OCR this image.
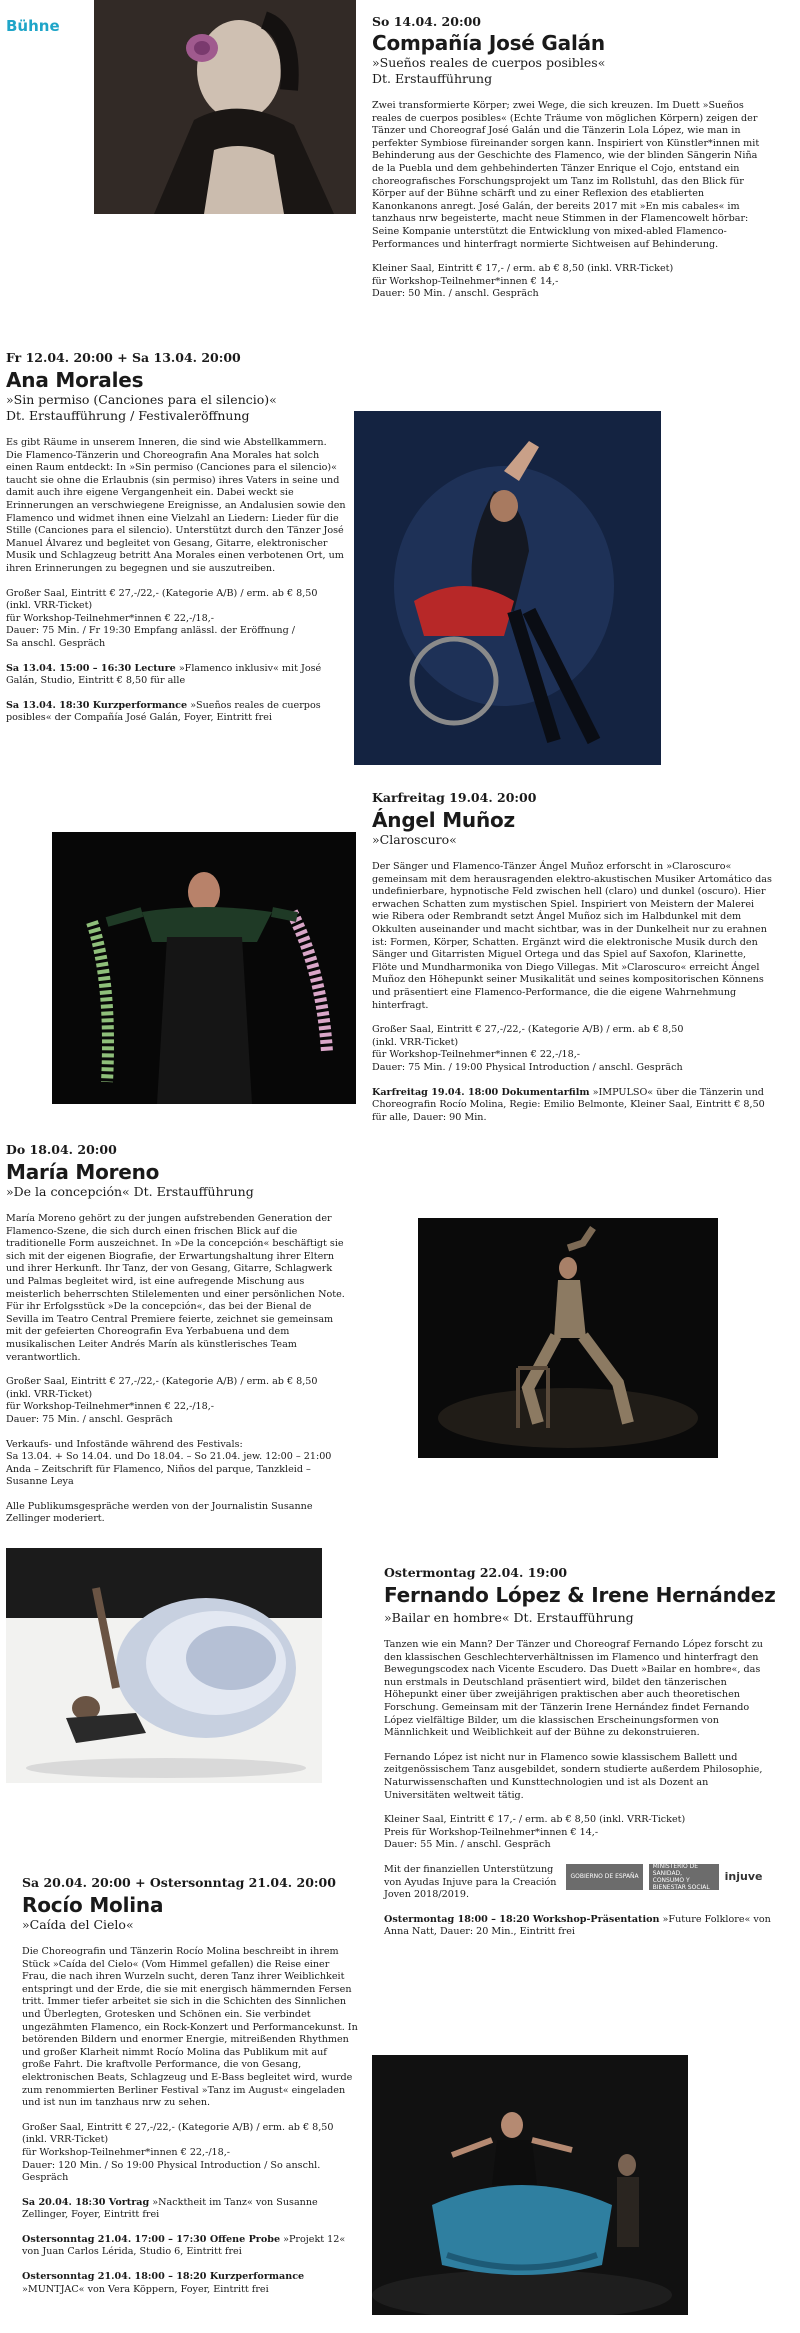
Bühne	So 14.04. 20:00
Compañía José Galán
»Sueños reales de cuerpos posibles«
Dt. Erstaufführung
Zwei transformierte Körper; zwei Wege, die sich kreuzen. Im Duett »Sueños reales de cuerpos posibles« (Echte Träume von möglichen Körpern) zeigen der Tänzer und Choreograf José Galán und die Tänzerin Lola López, wie man in perfekter Symbiose füreinander sorgen kann. Inspiriert von Künstler*innen mit Behinderung aus der Geschichte des Flamenco, wie der blinden Sängerin Niña de la Puebla und dem gehbehinderten Tänzer Enrique el Cojo, entstand ein choreografisches Forschungsprojekt um Tanz im Rollstuhl, das den Blick für Körper auf der Bühne schärft und zu einer Reflexion des etablierten Kanonkanons anregt. José Galán, der bereits 2017 mit »En mis cabales« im tanzhaus nrw begeisterte, macht neue Stimmen in der Flamencowelt hörbar: Seine Kompanie unterstützt die Entwicklung von mixed-abled Flamenco-Performances und hinterfragt normierte Sichtweisen auf Behinderung.
Kleiner Saal, Eintritt € 17,- / erm. ab € 8,50 (inkl. VRR-Ticket)
für Workshop-Teilnehmer*innen € 14,-
Dauer: 50 Min. / anschl. Gespräch
Fr 12.04. 20:00 + Sa 13.04. 20:00
Ana Morales
»Sin permiso (Canciones para el silencio)«
Dt. Erstaufführung / Festivaleröffnung
Es gibt Räume in unserem Inneren, die sind wie Abstellkammern. Die Flamenco-Tänzerin und Choreografin Ana Morales hat solch einen Raum entdeckt: In »Sin permiso (Canciones para el silencio)« taucht sie ohne die Erlaubnis (sin permiso) ihres Vaters in seine und damit auch ihre eigene Vergangenheit ein. Dabei weckt sie Erinnerungen an verschwiegene Ereignisse, an Andalusien sowie den Flamenco und widmet ihnen eine Vielzahl an Liedern: Lieder für die Stille (Canciones para el silencio). Unterstützt durch den Tänzer José Manuel Álvarez und begleitet von Gesang, Gitarre, elektronischer Musik und Schlagzeug betritt Ana Morales einen verbotenen Ort, um ihren Erinnerungen zu begegnen und sie auszutreiben.
Großer Saal, Eintritt € 27,-/22,- (Kategorie A/B) / erm. ab € 8,50
(inkl. VRR-Ticket)
für Workshop-Teilnehmer*innen € 22,-/18,-
Dauer: 75 Min. / Fr 19:30 Empfang anlässl. der Eröffnung /
Sa anschl. Gespräch
Sa 13.04. 15:00 – 16:30 Lecture »Flamenco inklusiv« mit José Galán, Studio, Eintritt € 8,50 für alle
Sa 13.04. 18:30 Kurzperformance »Sueños reales de cuerpos posibles« der Compañía José Galán, Foyer, Eintritt frei
Karfreitag 19.04. 20:00
Ángel Muñoz
»Claroscuro«
Der Sänger und Flamenco-Tänzer Ángel Muñoz erforscht in »Claroscuro« gemeinsam mit dem herausragenden elektro-akustischen Musiker Artomático das undefinierbare, hypnotische Feld zwischen hell (claro) und dunkel (oscuro). Hier erwachen Schatten zum mystischen Spiel. Inspiriert von Meistern der Malerei wie Ribera oder Rembrandt setzt Ángel Muñoz sich im Halbdunkel mit dem Okkulten auseinander und macht sichtbar, was in der Dunkelheit nur zu erahnen ist: Formen, Körper, Schatten. Ergänzt wird die elektronische Musik durch den Sänger und Gitarristen Miguel Ortega und das Spiel auf Saxofon, Klarinette, Flöte und Mundharmonika von Diego Villegas. Mit »Claroscuro« erreicht Ángel Muñoz den Höhepunkt seiner Musikalität und seines kompositorischen Könnens und präsentiert eine Flamenco-Performance, die die eigene Wahrnehmung hinterfragt.
Großer Saal, Eintritt € 27,-/22,- (Kategorie A/B) / erm. ab € 8,50
(inkl. VRR-Ticket)
für Workshop-Teilnehmer*innen € 22,-/18,-
Dauer: 75 Min. / 19:00 Physical Introduction / anschl. Gespräch
Karfreitag 19.04. 18:00 Dokumentarfilm »IMPULSO« über die Tänzerin und Choreografin Rocío Molina, Regie: Emilio Belmonte, Kleiner Saal, Eintritt € 8,50 für alle, Dauer: 90 Min.
Do 18.04. 20:00
María Moreno
»De la concepción« Dt. Erstaufführung
María Moreno gehört zu der jungen aufstrebenden Generation der Flamenco-Szene, die sich durch einen frischen Blick auf die traditionelle Form auszeichnet. In »De la concepción« beschäftigt sie sich mit der eigenen Biografie, der Erwartungshaltung ihrer Eltern und ihrer Herkunft. Ihr Tanz, der von Gesang, Gitarre, Schlagwerk und Palmas begleitet wird, ist eine aufregende Mischung aus meisterlich beherrschten Stilelementen und einer persönlichen Note. Für ihr Erfolgsstück »De la concepción«, das bei der Bienal de Sevilla im Teatro Central Premiere feierte, zeichnet sie gemeinsam mit der gefeierten Choreografin Eva Yerbabuena und dem musikalischen Leiter Andrés Marín als künstlerisches Team verantwortlich.
Großer Saal, Eintritt € 27,-/22,- (Kategorie A/B) / erm. ab € 8,50
(inkl. VRR-Ticket)
für Workshop-Teilnehmer*innen € 22,-/18,-
Dauer: 75 Min. / anschl. Gespräch
Verkaufs- und Infostände während des Festivals:
Sa 13.04. + So 14.04. und Do 18.04. – So 21.04. jew. 12:00 – 21:00
Anda – Zeitschrift für Flamenco, Niños del parque, Tanzkleid –
Susanne Leya
Alle Publikumsgespräche werden von der Journalistin Susanne Zellinger moderiert.
Ostermontag 22.04. 19:00
Fernando López & Irene Hernández
»Bailar en hombre« Dt. Erstaufführung
Tanzen wie ein Mann? Der Tänzer und Choreograf Fernando López forscht zu den klassischen Geschlechterverhältnissen im Flamenco und hinterfragt den Bewegungscodex nach Vicente Escudero. Das Duett »Bailar en hombre«, das nun erstmals in Deutschland präsentiert wird, bildet den tänzerischen Höhepunkt einer über zweijährigen praktischen aber auch theoretischen Forschung. Gemeinsam mit der Tänzerin Irene Hernández findet Fernando López vielfältige Bilder, um die klassischen Erscheinungsformen von Männlichkeit und Weiblichkeit auf der Bühne zu dekonstruieren.
Fernando López ist nicht nur in Flamenco sowie klassischem Ballett und zeitgenössischem Tanz ausgebildet, sondern studierte außerdem Philosophie, Naturwissenschaften und Kunsttechnologien und ist als Dozent an Universitäten weltweit tätig.
Kleiner Saal, Eintritt € 17,- / erm. ab € 8,50 (inkl. VRR-Ticket)
Preis für Workshop-Teilnehmer*innen € 14,-
Dauer: 55 Min. / anschl. Gespräch
Mit der finanziellen Unterstützung
von Ayudas Injuve para la Creación
Joven 2018/2019.
GOBIERNO DE ESPAÑA
MINISTERIO DE SANIDAD, CONSUMO Y BIENESTAR SOCIAL
injuve
Ostermontag 18:00 – 18:20 Workshop-Präsentation »Future Folklore« von Anna Natt, Dauer: 20 Min., Eintritt frei
Sa 20.04. 20:00 + Ostersonntag 21.04. 20:00
Rocío Molina
»Caída del Cielo«
Die Choreografin und Tänzerin Rocío Molina beschreibt in ihrem Stück »Caída del Cielo« (Vom Himmel gefallen) die Reise einer Frau, die nach ihren Wurzeln sucht, deren Tanz ihrer Weiblichkeit entspringt und der Erde, die sie mit energisch hämmernden Fersen tritt. Immer tiefer arbeitet sie sich in die Schichten des Sinnlichen und Überlegten, Grotesken und Schönen ein. Sie verbindet ungezähmten Flamenco, ein Rock-Konzert und Performancekunst. In betörenden Bildern und enormer Energie, mitreißenden Rhythmen und großer Klarheit nimmt Rocío Molina das Publikum mit auf große Fahrt. Die kraftvolle Performance, die von Gesang, elektronischen Beats, Schlagzeug und E-Bass begleitet wird, wurde zum renommierten Berliner Festival »Tanz im August« eingeladen und ist nun im tanzhaus nrw zu sehen.
Großer Saal, Eintritt € 27,-/22,- (Kategorie A/B) / erm. ab € 8,50
(inkl. VRR-Ticket)
für Workshop-Teilnehmer*innen € 22,-/18,-
Dauer: 120 Min. / So 19:00 Physical Introduction / So anschl. Gespräch
Sa 20.04. 18:30 Vortrag »Nacktheit im Tanz« von Susanne Zellinger, Foyer, Eintritt frei
Ostersonntag 21.04. 17:00 – 17:30 Offene Probe »Projekt 12« von Juan Carlos Lérida, Studio 6, Eintritt frei
Ostersonntag 21.04. 18:00 – 18:20 Kurzperformance »MUNTJAC« von Vera Köppern, Foyer, Eintritt frei
